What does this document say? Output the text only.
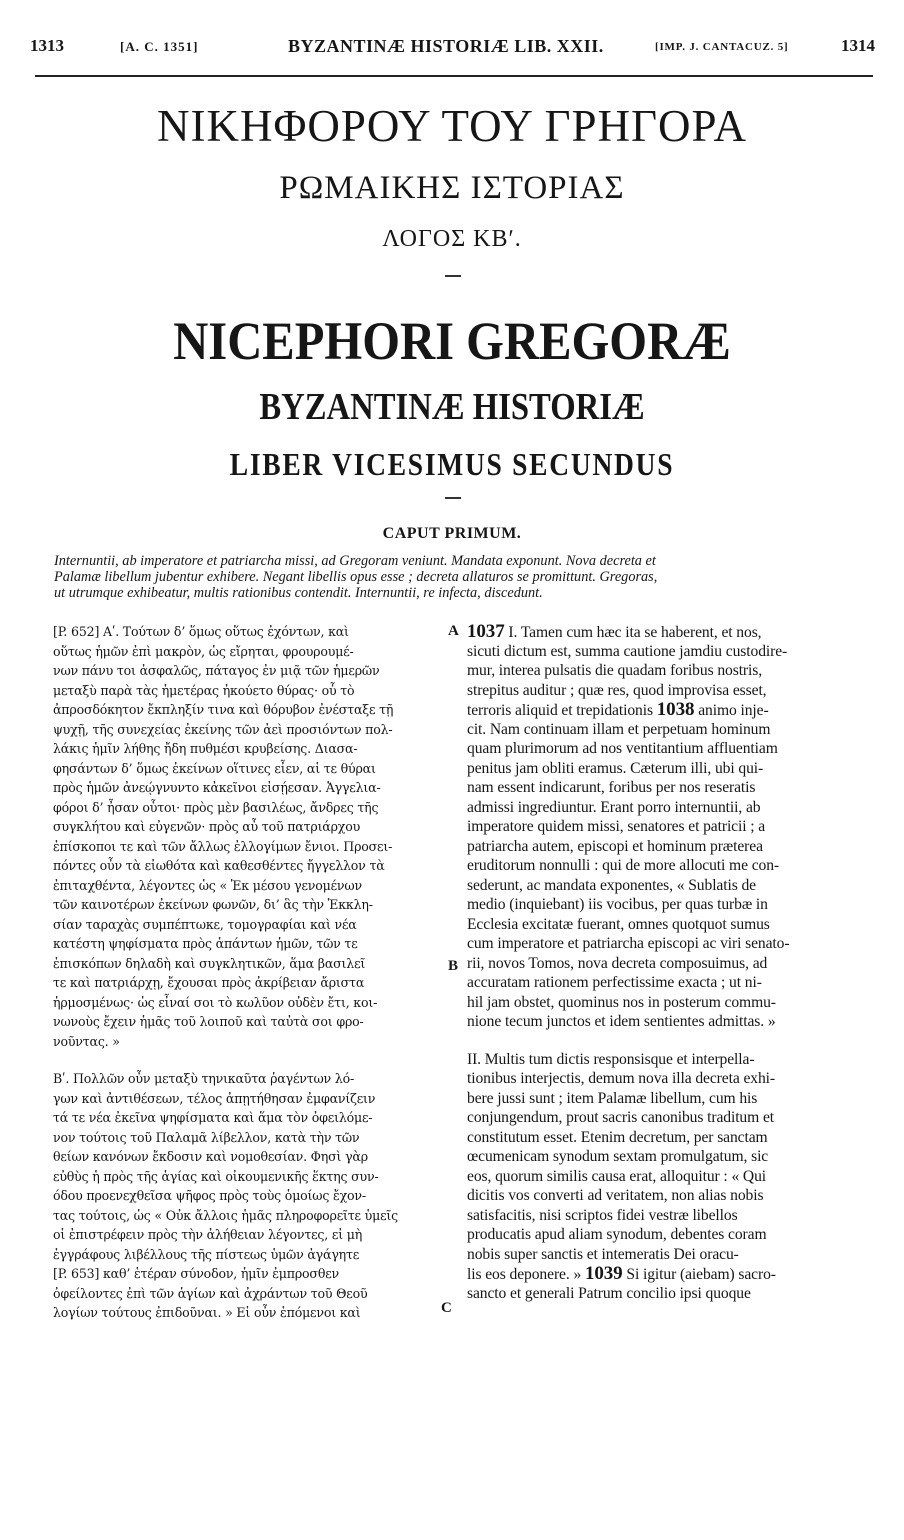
1313	[A. C. 1351]	BYZANTINÆ HISTORIÆ LIB. XXII.	[IMP. J. CANTACUZ. 5]	1314
ΝΙΚΗΦΟΡΟΥ ΤΟΥ ΓΡΗΓΟΡΑ
ΡΩΜΑΙΚΗΣ ΙΣΤΟΡΙΑΣ
ΛΟΓΟΣ ΚΒʹ.
NICEPHORI GREGORÆ
BYZANTINÆ HISTORIÆ
LIBER VICESIMUS SECUNDUS
CAPUT PRIMUM.
Internuntii, ab imperatore et patriarcha missi, ad Gregoram veniunt. Mandata exponunt. Nova decreta et
Palamæ libellum jubentur exhibere. Negant libellis opus esse ; decreta allaturos se promittunt. Gregoras,
ut utrumque exhibeatur, multis rationibus contendit. Internuntii, re infecta, discedunt.
[P. 652] Αʹ. Τούτων δ’ ὅμως οὕτως ἐχόντων, καὶ
οὕτως ἡμῶν ἐπὶ μακρὸν, ὡς εἴρηται, φρουρουμέ-
νων πάνυ τοι ἀσφαλῶς, πάταγος ἐν μιᾷ τῶν ἡμερῶν
μεταξὺ παρὰ τὰς ἡμετέρας ἠκούετο θύρας· οὗ τὸ
ἀπροσδόκητον ἔκπληξίν τινα καὶ θόρυβον ἐνέσταξε τῇ
ψυχῇ, τῆς συνεχείας ἐκείνης τῶν ἀεὶ προσιόντων πολ-
λάκις ἡμῖν λήθης ἤδη πυθμέσι κρυβείσης. Διασα-
φησάντων δ’ ὅμως ἐκείνων οἵτινες εἶεν, αἱ τε θύραι
πρὸς ἡμῶν ἀνεῴγνυντο κἀκεῖνοι εἰσῄεσαν. Ἀγγελια-
φόροι δ’ ἦσαν οὗτοι· πρὸς μὲν βασιλέως, ἄνδρες τῆς
συγκλήτου καὶ εὐγενῶν· πρὸς αὖ τοῦ πατριάρχου
ἐπίσκοποι τε καὶ τῶν ἄλλως ἐλλογίμων ἔνιοι. Προσει-
πόντες οὖν τὰ εἰωθότα καὶ καθεσθέντες ἤγγελλον τὰ
ἐπιταχθέντα, λέγοντες ὡς « Ἐκ μέσου γενομένων
τῶν καινοτέρων ἐκείνων φωνῶν, δι’ ἃς τὴν Ἐκκλη-
σίαν ταραχὰς συμπέπτωκε, τομογραφίαι καὶ νέα
κατέστη ψηφίσματα πρὸς ἁπάντων ἡμῶν, τῶν τε
ἐπισκόπων δηλαδὴ καὶ συγκλητικῶν, ἅμα βασιλεῖ
τε καὶ πατριάρχῃ, ἔχουσαι πρὸς ἀκρίβειαν ἄριστα
ἡρμοσμένως· ὡς εἶναί σοι τὸ κωλῦον οὐδὲν ἔτι, κοι-
νωνοὺς ἔχειν ἡμᾶς τοῦ λοιποῦ καὶ ταὐτὰ σοι φρο-
νοῦντας. »
Βʹ. Πολλῶν οὖν μεταξὺ τηνικαῦτα ῥαγέντων λό-
γων καὶ ἀντιθέσεων, τέλος ἀπῃτήθησαν ἐμφανίζειν
τά τε νέα ἐκεῖνα ψηφίσματα καὶ ἅμα τὸν ὀφειλόμε-
νον τούτοις τοῦ Παλαμᾶ λίβελλον, κατὰ τὴν τῶν
θείων κανόνων ἔκδοσιν καὶ νομοθεσίαν. Φησὶ γὰρ
εὐθὺς ἡ πρὸς τῆς ἁγίας καὶ οἰκουμενικῆς ἕκτης συν-
όδου προενεχθεῖσα ψῆφος πρὸς τοὺς ὁμοίως ἔχον-
τας τούτοις, ὡς « Οὐκ ἄλλοις ἡμᾶς πληροφορεῖτε ὑμεῖς
οἱ ἐπιστρέφειν πρὸς τὴν ἀλήθειαν λέγοντες, εἰ μὴ
ἐγγράφους λιβέλλους τῆς πίστεως ὑμῶν ἀγάγητε
[P. 653] καθ’ ἑτέραν σύνοδον, ἡμῖν ἐμπροσθεν
ὀφείλοντες ἐπὶ τῶν ἁγίων καὶ ἀχράντων τοῦ Θεοῦ
λογίων τούτους ἐπιδοῦναι. » Εἰ οὖν ἑπόμενοι καὶ
A
B
C
1037 I. Tamen cum hæc ita se haberent, et nos,
sicuti dictum est, summa cautione jamdiu custodire-
mur, interea pulsatis die quadam foribus nostris,
strepitus auditur ; quæ res, quod improvisa esset,
terroris aliquid et trepidationis 1038 animo inje-
cit. Nam continuam illam et perpetuam hominum
quam plurimorum ad nos ventitantium affluentiam
penitus jam obliti eramus. Cæterum illi, ubi qui-
nam essent indicarunt, foribus per nos reseratis
admissi ingrediuntur. Erant porro internuntii, ab
imperatore quidem missi, senatores et patricii ; a
patriarcha autem, episcopi et hominum præterea
eruditorum nonnulli : qui de more allocuti me con-
sederunt, ac mandata exponentes, « Sublatis de
medio (inquiebant) iis vocibus, per quas turbæ in
Ecclesia excitatæ fuerant, omnes quotquot sumus
cum imperatore et patriarcha episcopi ac viri senato-
rii, novos Tomos, nova decreta composuimus, ad
accuratam rationem perfectissime exacta ; ut ni-
hil jam obstet, quominus nos in posterum commu-
nione tecum junctos et idem sentientes admittas. »
II. Multis tum dictis responsisque et interpella-
tionibus interjectis, demum nova illa decreta exhi-
bere jussi sunt ; item Palamæ libellum, cum his
conjungendum, prout sacris canonibus traditum et
constitutum esset. Etenim decretum, per sanctam
œcumenicam synodum sextam promulgatum, sic
eos, quorum similis causa erat, alloquitur : « Qui
dicitis vos converti ad veritatem, non alias nobis
satisfacitis, nisi scriptos fidei vestræ libellos
producatis apud aliam synodum, debentes coram
nobis super sanctis et intemeratis Dei oracu-
lis eos deponere. » 1039 Si igitur (aiebam) sacro-
sancto et generali Patrum concilio ipsi quoque
